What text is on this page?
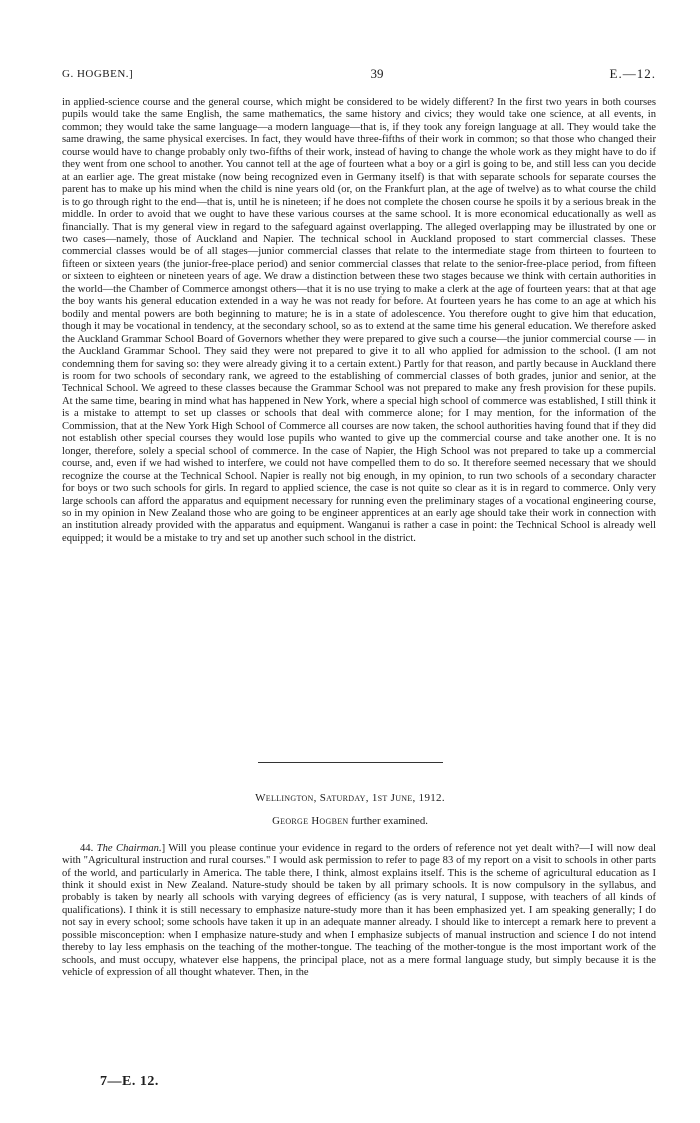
G. HOGBEN.]	39	E.—12.

in applied-science course and the general course, which might be considered to be widely different? In the first two years in both courses pupils would take the same English, the same mathematics, the same history and civics; they would take one science, at all events, in common; they would take the same language—a modern language—that is, if they took any foreign language at all. They would take the same drawing, the same physical exercises. In fact, they would have three-fifths of their work in common; so that those who changed their course would have to change probably only two-fifths of their work, instead of having to change the whole work as they might have to do if they went from one school to another. You cannot tell at the age of fourteen what a boy or a girl is going to be, and still less can you decide at an earlier age. The great mistake (now being recognized even in Germany itself) is that with separate schools for separate courses the parent has to make up his mind when the child is nine years old (or, on the Frankfurt plan, at the age of twelve) as to what course the child is to go through right to the end—that is, until he is nineteen; if he does not complete the chosen course he spoils it by a serious break in the middle. In order to avoid that we ought to have these various courses at the same school. It is more economical educationally as well as financially. That is my general view in regard to the safeguard against overlapping. The alleged overlapping may be illustrated by one or two cases—namely, those of Auckland and Napier. The technical school in Auckland proposed to start commercial classes. These commercial classes would be of all stages—junior commercial classes that relate to the intermediate stage from thirteen to fourteen to fifteen or sixteen years (the junior-free-place period) and senior commercial classes that relate to the senior-free-place period, from fifteen or sixteen to eighteen or nineteen years of age. We draw a distinction between these two stages because we think with certain authorities in the world—the Chamber of Commerce amongst others—that it is no use trying to make a clerk at the age of fourteen years: that at that age the boy wants his general education extended in a way he was not ready for before. At fourteen years he has come to an age at which his bodily and mental powers are both beginning to mature; he is in a state of adolescence. You therefore ought to give him that education, though it may be vocational in tendency, at the secondary school, so as to extend at the same time his general education. We therefore asked the Auckland Grammar School Board of Governors whether they were prepared to give such a course—the junior commercial course — in the Auckland Grammar School. They said they were not prepared to give it to all who applied for admission to the school. (I am not condemning them for saving so: they were already giving it to a certain extent.) Partly for that reason, and partly because in Auckland there is room for two schools of secondary rank, we agreed to the establishing of commercial classes of both grades, junior and senior, at the Technical School. We agreed to these classes because the Grammar School was not prepared to make any fresh provision for these pupils. At the same time, bearing in mind what has happened in New York, where a special high school of commerce was established, I still think it is a mistake to attempt to set up classes or schools that deal with commerce alone; for I may mention, for the information of the Commission, that at the New York High School of Commerce all courses are now taken, the school authorities having found that if they did not establish other special courses they would lose pupils who wanted to give up the commercial course and take another one. It is no longer, therefore, solely a special school of commerce. In the case of Napier, the High School was not prepared to take up a commercial course, and, even if we had wished to interfere, we could not have compelled them to do so. It therefore seemed necessary that we should recognize the course at the Technical School. Napier is really not big enough, in my opinion, to run two schools of a secondary character for boys or two such schools for girls. In regard to applied science, the case is not quite so clear as it is in regard to commerce. Only very large schools can afford the apparatus and equipment necessary for running even the preliminary stages of a vocational engineering course, so in my opinion in New Zealand those who are going to be engineer apprentices at an early age should take their work in connection with an institution already provided with the apparatus and equipment. Wanganui is rather a case in point: the Technical School is already well equipped; it would be a mistake to try and set up another such school in the district.

Wellington, Saturday, 1st June, 1912.
George Hogben further examined.

44. The Chairman.] Will you please continue your evidence in regard to the orders of reference not yet dealt with?—I will now deal with "Agricultural instruction and rural courses." I would ask permission to refer to page 83 of my report on a visit to schools in other parts of the world, and particularly in America. The table there, I think, almost explains itself. This is the scheme of agricultural education as I think it should exist in New Zealand. Nature-study should be taken by all primary schools. It is now compulsory in the syllabus, and probably is taken by nearly all schools with varying degrees of efficiency (as is very natural, I suppose, with teachers of all kinds of qualifications). I think it is still necessary to emphasize nature-study more than it has been emphasized yet. I am speaking generally; I do not say in every school; some schools have taken it up in an adequate manner already. I should like to intercept a remark here to prevent a possible misconception: when I emphasize nature-study and when I emphasize subjects of manual instruction and science I do not intend thereby to lay less emphasis on the teaching of the mother-tongue. The teaching of the mother-tongue is the most important work of the schools, and must occupy, whatever else happens, the principal place, not as a mere formal language study, but simply because it is the vehicle of expression of all thought whatever. Then, in the

7—E. 12.
